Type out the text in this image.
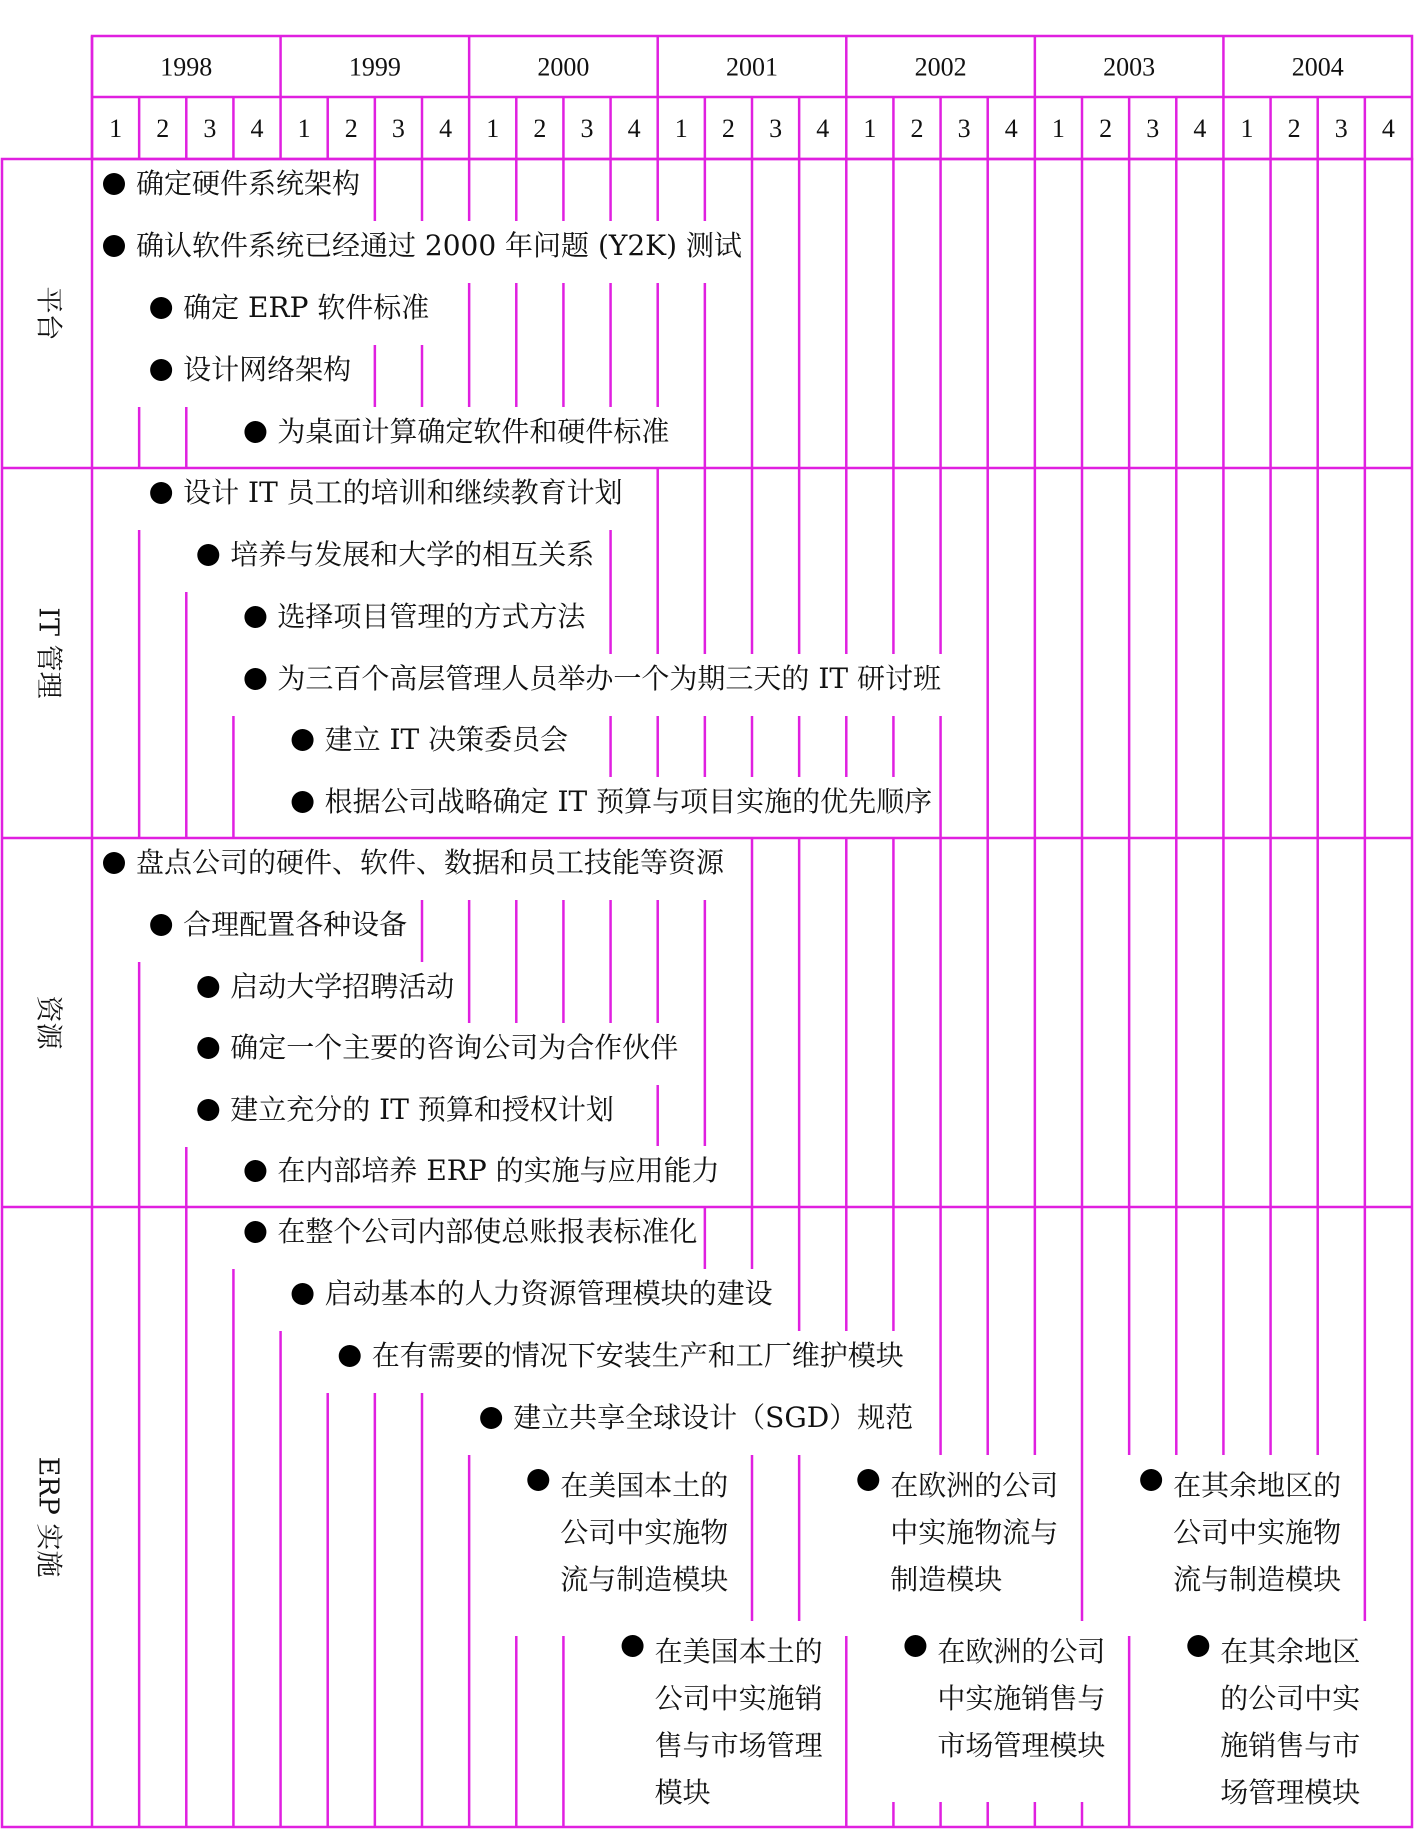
1998
1 2 3 4
1999
1 2 3 4
2000
1 2 3 4
2001
1 2 3 4
2002
1 2 3 4
2003
1 2 3 4
2004
1 2 3 4
平台
IT 管理
资源
ERP 实施
确定硬件系统架构
确认软件系统已经通过 2000 年问题 (Y2K) 测试
确定 ERP 软件标准
设计网络架构
为桌面计算确定软件和硬件标准
设计 IT 员工的培训和继续教育计划
培养与发展和大学的相互关系
选择项目管理的方式方法
为三百个高层管理人员举办一个为期三天的 IT 研讨班
建立 IT 决策委员会
根据公司战略确定 IT 预算与项目实施的优先顺序
盘点公司的硬件、软件、数据和员工技能等资源
合理配置各种设备
启动大学招聘活动
确定一个主要的咨询公司为合作伙伴
建立充分的 IT 预算和授权计划
在内部培养 ERP 的实施与应用能力
在整个公司内部使总账报表标准化
启动基本的人力资源管理模块的建设
在有需要的情况下安装生产和工厂维护模块
建立共享全球设计（SGD）规范
在美国本土的
公司中实施物
流与制造模块
在欧洲的公司
中实施物流与
制造模块
在其余地区的
公司中实施物
流与制造模块
在美国本土的
公司中实施销
售与市场管理
模块
在欧洲的公司
中实施销售与
市场管理模块
在其余地区
的公司中实
施销售与市
场管理模块
